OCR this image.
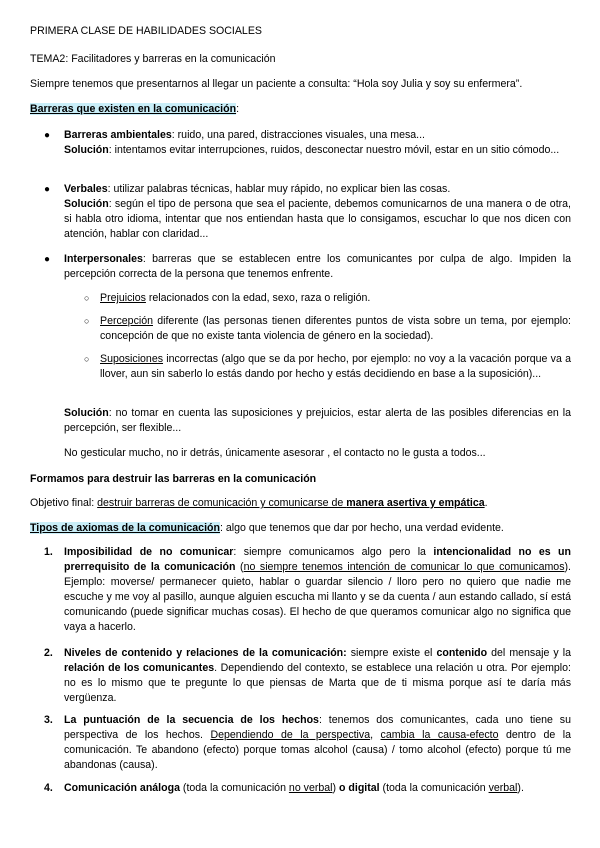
PRIMERA CLASE DE HABILIDADES SOCIALES
TEMA2: Facilitadores y barreras en la comunicación
Siempre tenemos que presentarnos al llegar un paciente a consulta: “Hola soy Julia y soy su enfermera”.
Barreras que existen en la comunicación:
● Barreras ambientales: ruido, una pared, distracciones visuales, una mesa...
Solución: intentamos evitar interrupciones, ruidos, desconectar nuestro móvil, estar en un sitio cómodo...
● Verbales: utilizar palabras técnicas, hablar muy rápido, no explicar bien las cosas.
Solución: según el tipo de persona que sea el paciente, debemos comunicarnos de una manera o de otra, si habla otro idioma, intentar que nos entiendan hasta que lo consigamos, escuchar lo que nos dicen con atención, hablar con claridad...
● Interpersonales: barreras que se establecen entre los comunicantes por culpa de algo. Impiden la percepción correcta de la persona que tenemos enfrente.
○ Prejuicios relacionados con la edad, sexo, raza o religión.
○ Percepción diferente (las personas tienen diferentes puntos de vista sobre un tema, por ejemplo: concepción de que no existe tanta violencia de género en la sociedad).
○ Suposiciones incorrectas (algo que se da por hecho, por ejemplo: no voy a la vacación porque va a llover, aun sin saberlo lo estás dando por hecho y estás decidiendo en base a la suposición)...
Solución: no tomar en cuenta las suposiciones y prejuicios, estar alerta de las posibles diferencias en la percepción, ser flexible...
No gesticular mucho, no ir detrás, únicamente asesorar , el contacto no le gusta a todos...
Formamos para destruir las barreras en la comunicación
Objetivo final: destruir barreras de comunicación y comunicarse de manera asertiva y empática.
Tipos de axiomas de la comunicación: algo que tenemos que dar por hecho, una verdad evidente.
1. Imposibilidad de no comunicar: siempre comunicamos algo pero la intencionalidad no es un prerrequisito de la comunicación (no siempre tenemos intención de comunicar lo que comunicamos). Ejemplo: moverse/ permanecer quieto, hablar o guardar silencio / lloro pero no quiero que nadie me escuche y me voy al pasillo, aunque alguien escucha mi llanto y se da cuenta / aun estando callado, sí está comunicando (puede significar muchas cosas). El hecho de que queramos comunicar algo no significa que vaya a hacerlo.
2. Niveles de contenido y relaciones de la comunicación: siempre existe el contenido del mensaje y la relación de los comunicantes. Dependiendo del contexto, se establece una relación u otra. Por ejemplo: no es lo mismo que te pregunte lo que piensas de Marta que de ti misma porque así te daría más vergüenza.
3. La puntuación de la secuencia de los hechos: tenemos dos comunicantes, cada uno tiene su perspectiva de los hechos. Dependiendo de la perspectiva, cambia la causa-efecto dentro de la comunicación. Te abandono (efecto) porque tomas alcohol (causa) / tomo alcohol (efecto) porque tú me abandonas (causa).
4. Comunicación análoga (toda la comunicación no verbal) o digital (toda la comunicación verbal).
